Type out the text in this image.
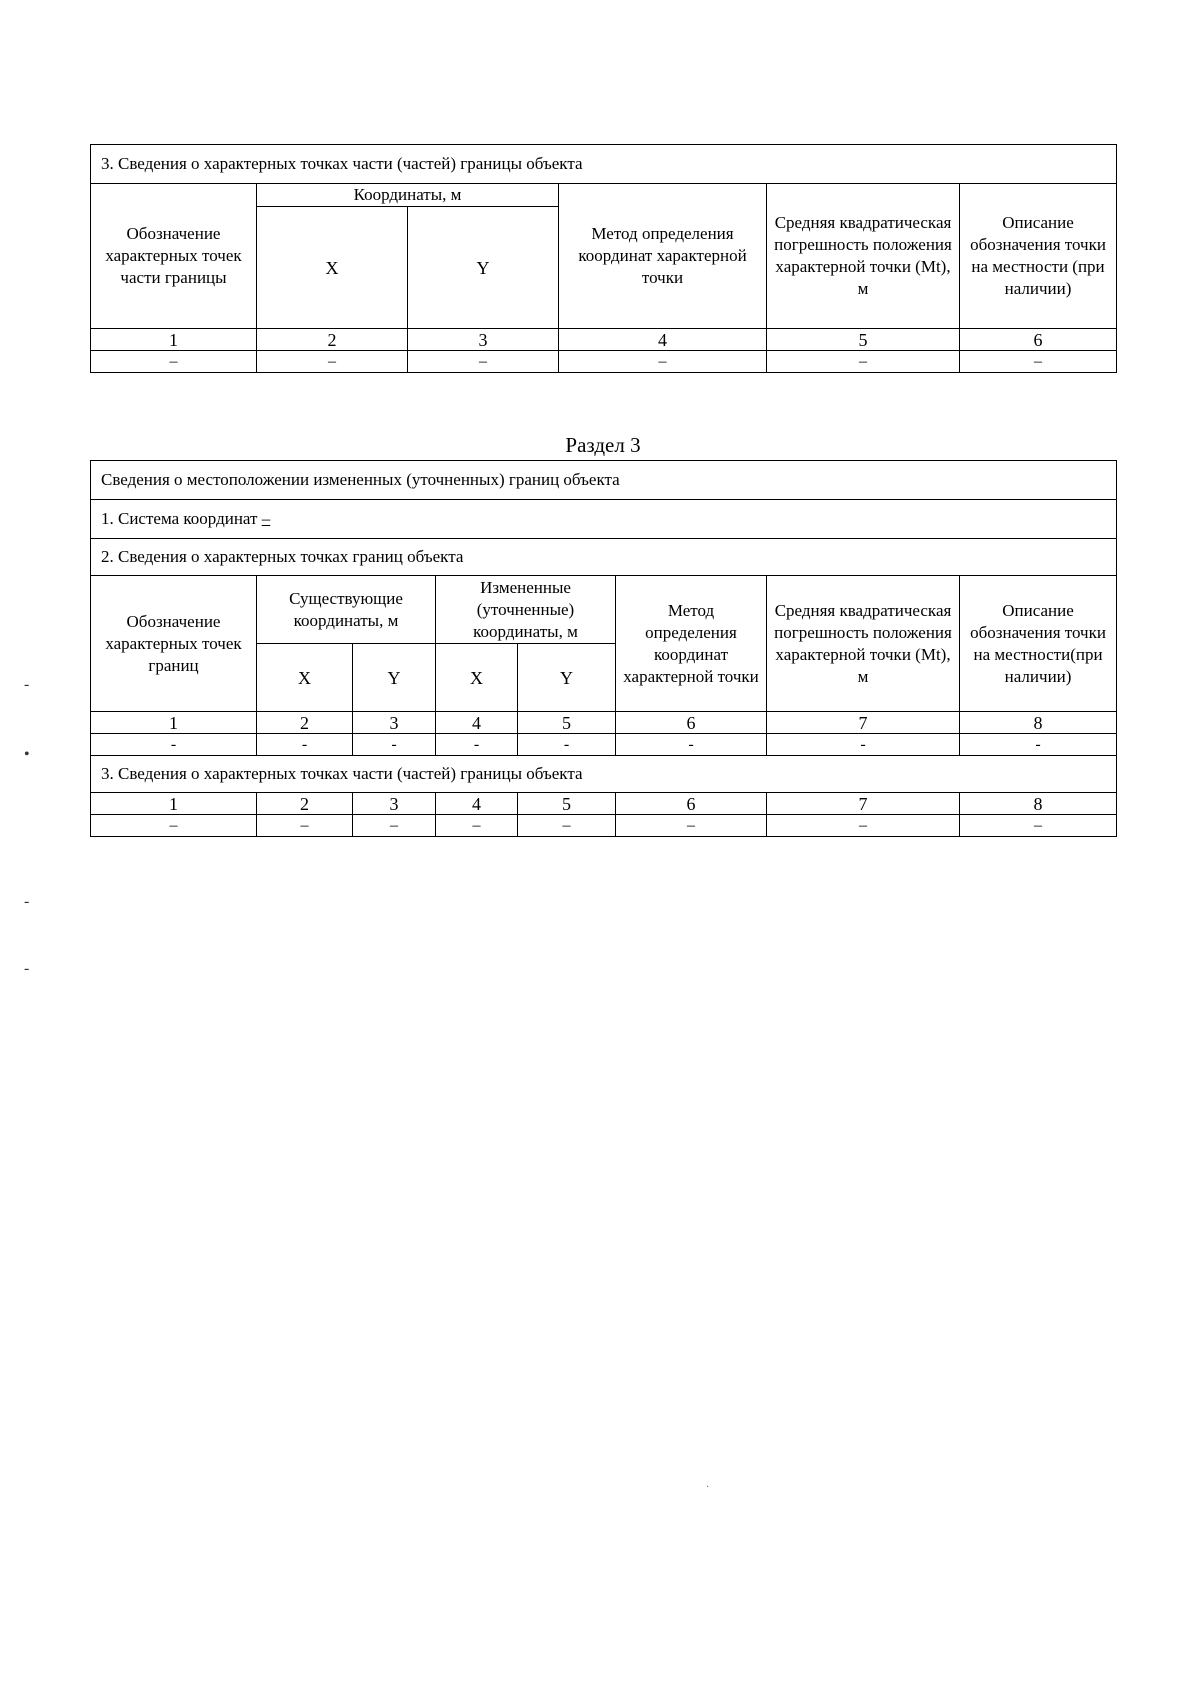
3. Сведения о характерных точках части (частей) границы объекта					
Обозначение характерных точек части границы	Координаты, м		Метод определения координат характерной точки	Средняя квадратическая погрешность положения характерной точки (Mt), м	Описание обозначения точки на местности (при наличии)
	X	Y			
1	2	3	4	5	6
–	–	–	–	–	–
Раздел 3
Сведения о местоположении измененных (уточненных) границ объекта							
1. Система координат –							
2. Сведения о характерных точках границ объекта							
Обозначение характерных точек границ	Существующие координаты, м		Измененные (уточненные) координаты, м		Метод определения координат характерной точки	Средняя квадратическая погрешность положения характерной точки (Mt), м	Описание обозначения точки на местности(при наличии)
	X	Y	X	Y			
1	2	3	4	5	6	7	8
-	-	-	-	-	-	-	-
3. Сведения о характерных точках части (частей) границы объекта							
1	2	3	4	5	6	7	8
–	–	–	–	–	–	–	–
-
•
-
-
·
